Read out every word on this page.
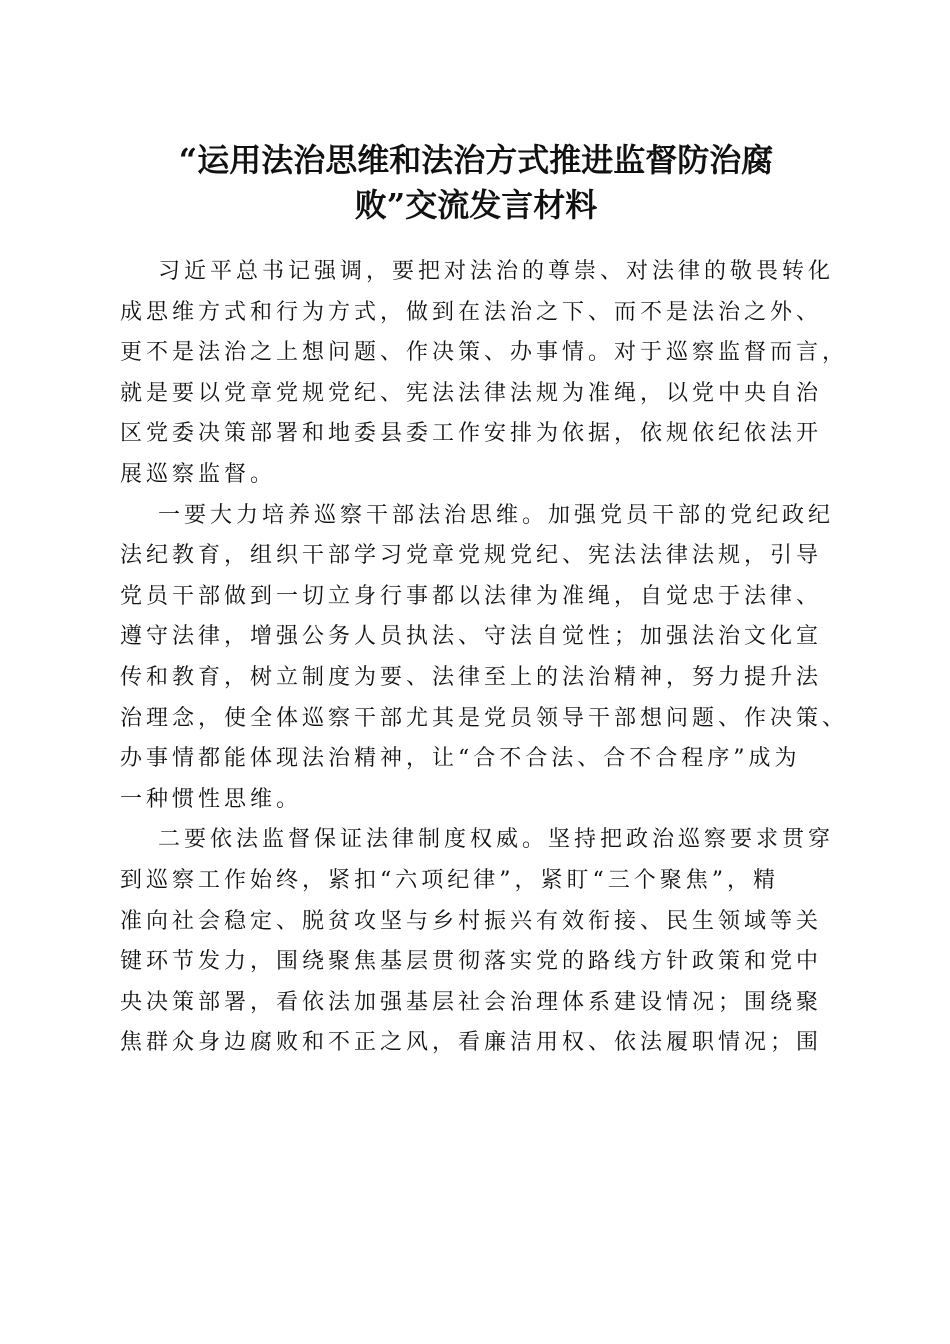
“运用法治思维和法治方式推进监督防治腐
败”交流发言材料

习近平总书记强调，要把对法治的尊崇、对法律的敬畏转化
成思维方式和行为方式，做到在法治之下、而不是法治之外、
更不是法治之上想问题、作决策、办事情。对于巡察监督而言，
就是要以党章党规党纪、宪法法律法规为准绳，以党中央自治
区党委决策部署和地委县委工作安排为依据，依规依纪依法开
展巡察监督。

一要大力培养巡察干部法治思维。加强党员干部的党纪政纪
法纪教育，组织干部学习党章党规党纪、宪法法律法规，引导
党员干部做到一切立身行事都以法律为准绳，自觉忠于法律、
遵守法律，增强公务人员执法、守法自觉性；加强法治文化宣
传和教育，树立制度为要、法律至上的法治精神，努力提升法
治理念，使全体巡察干部尤其是党员领导干部想问题、作决策、
办事情都能体现法治精神，让“合不合法、合不合程序”成为
一种惯性思维。

二要依法监督保证法律制度权威。坚持把政治巡察要求贯穿
到巡察工作始终，紧扣“六项纪律”，紧盯“三个聚焦”，精
准向社会稳定、脱贫攻坚与乡村振兴有效衔接、民生领域等关
键环节发力，围绕聚焦基层贯彻落实党的路线方针政策和党中
央决策部署，看依法加强基层社会治理体系建设情况；围绕聚
焦群众身边腐败和不正之风，看廉洁用权、依法履职情况；围
